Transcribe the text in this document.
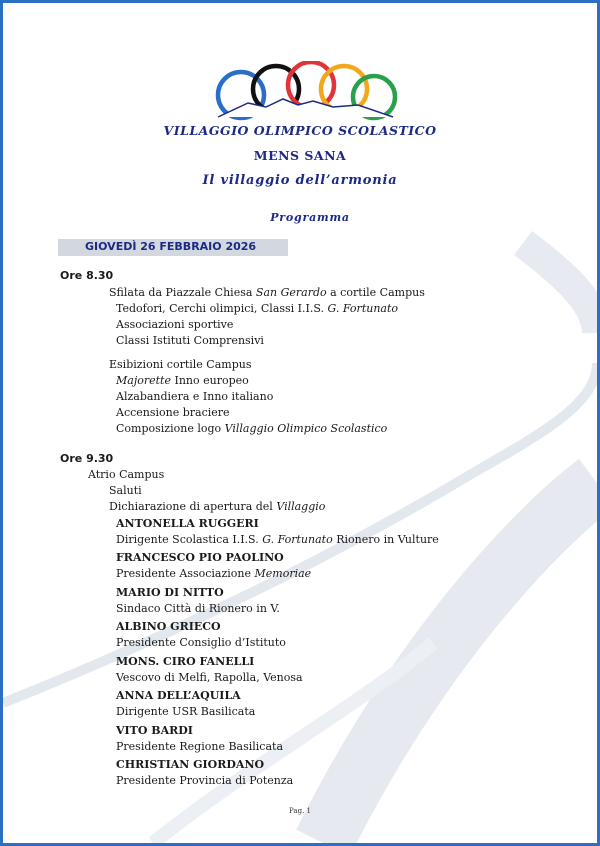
VILLAGGIO OLIMPICO SCOLASTICO
MENS SANA
Il villaggio dell’armonia
Programma
GIOVEDÌ 26 FEBBRAIO 2026
Ore 8.30
Sfilata da Piazzale Chiesa San Gerardo a cortile Campus
Tedofori, Cerchi olimpici, Classi I.I.S. G. Fortunato
Associazioni sportive
Classi Istituti Comprensivi
Esibizioni cortile Campus
Majorette Inno europeo
Alzabandiera e Inno italiano
Accensione braciere
Composizione logo Villaggio Olimpico Scolastico
Ore 9.30
Atrio Campus
Saluti
Dichiarazione di apertura del Villaggio
ANTONELLA RUGGERI
Dirigente Scolastica I.I.S. G. Fortunato Rionero in Vulture
FRANCESCO PIO PAOLINO
Presidente Associazione Memoriae
MARIO DI NITTO
Sindaco Città di Rionero in V.
ALBINO GRIECO
Presidente Consiglio d’Istituto
MONS. CIRO FANELLI
Vescovo di Melfi, Rapolla, Venosa
ANNA DELL’AQUILA
Dirigente USR Basilicata
VITO BARDI
Presidente Regione Basilicata
CHRISTIAN GIORDANO
Presidente Provincia di Potenza
Pag. 1
